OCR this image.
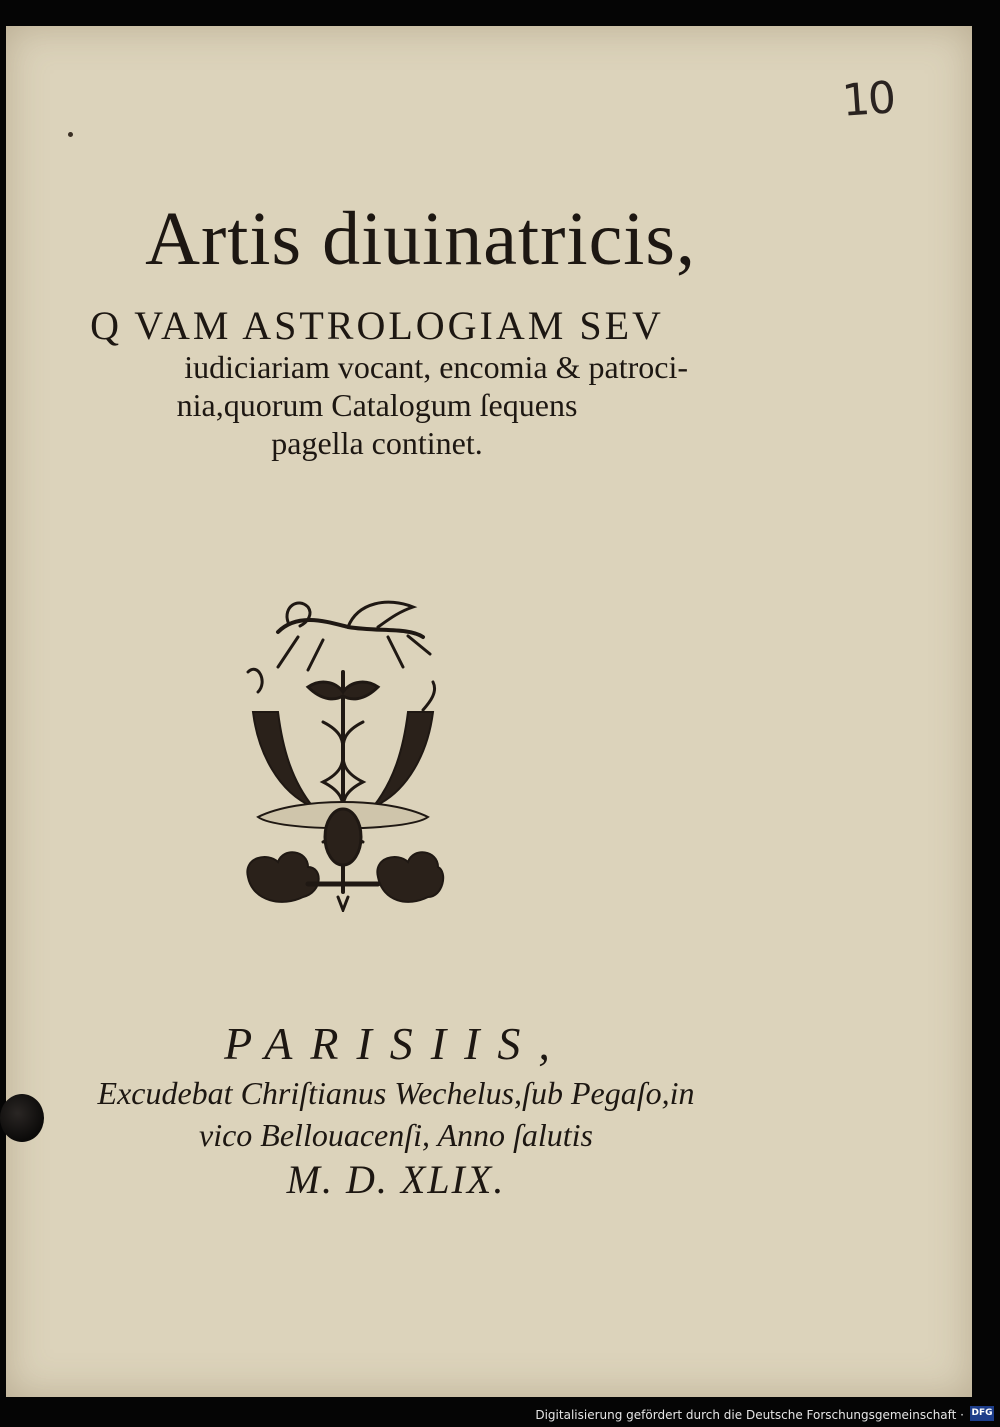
10
Artis diuinatricis,
Q VAM ASTROLOGIAM SEV
iudiciariam vocant, encomia & patroci-
nia,quorum Catalogum ſequens
pagella continet.
PARISIIS,
Excudebat Chriſtianus Wechelus,ſub Pegaſo,in
vico Bellouacenſi, Anno ſalutis
M. D. XLIX.
Digitalisierung gefördert durch die Deutsche Forschungsgemeinschaft · DFG
